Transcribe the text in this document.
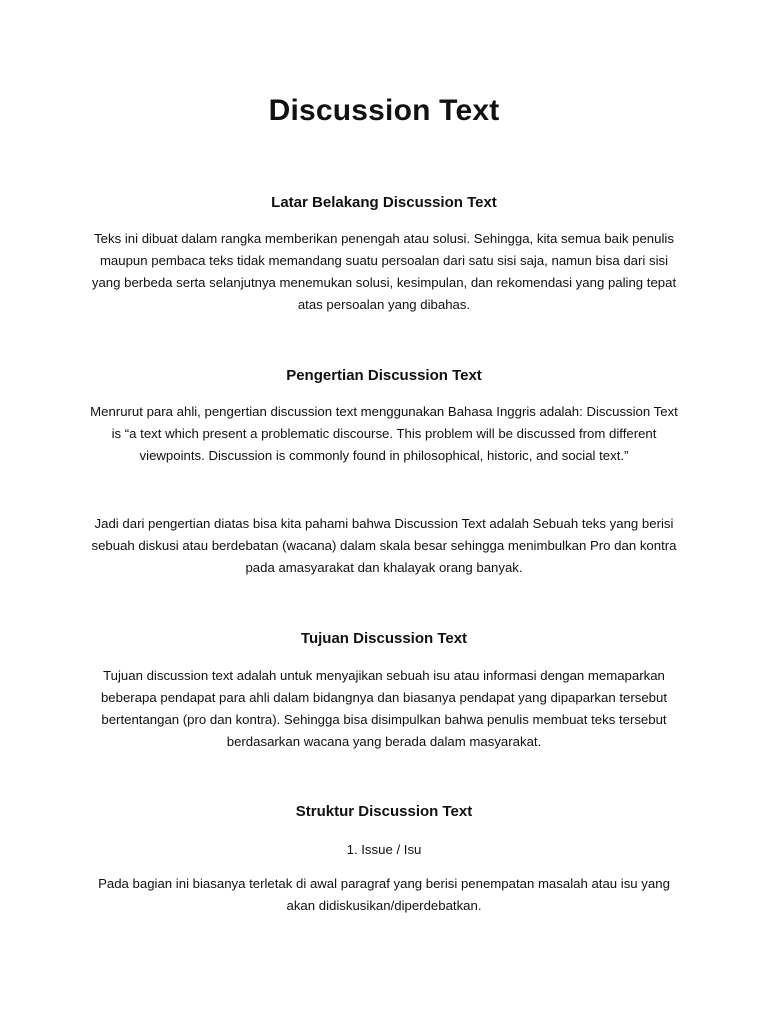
Discussion Text
Latar Belakang Discussion Text

Teks ini dibuat dalam rangka memberikan penengah atau solusi. Sehingga, kita semua baik penulis maupun pembaca teks tidak memandang suatu persoalan dari satu sisi saja, namun bisa dari sisi yang berbeda serta selanjutnya menemukan solusi, kesimpulan, dan rekomendasi yang paling tepat atas persoalan yang dibahas.

Pengertian Discussion Text

Menrurut para ahli, pengertian discussion text menggunakan Bahasa Inggris adalah: Discussion Text is “a text which present a problematic discourse. This problem will be discussed from different viewpoints. Discussion is commonly found in philosophical, historic, and social text.”

Jadi dari pengertian diatas bisa kita pahami bahwa Discussion Text adalah Sebuah teks yang berisi sebuah diskusi atau berdebatan (wacana) dalam skala besar sehingga menimbulkan Pro dan kontra pada amasyarakat dan khalayak orang banyak.

Tujuan Discussion Text

Tujuan discussion text adalah untuk menyajikan sebuah isu atau informasi dengan memaparkan beberapa pendapat para ahli dalam bidangnya dan biasanya pendapat yang dipaparkan tersebut bertentangan (pro dan kontra). Sehingga bisa disimpulkan bahwa penulis membuat teks tersebut berdasarkan wacana yang berada dalam masyarakat.

Struktur Discussion Text
1. Issue / Isu

Pada bagian ini biasanya terletak di awal paragraf yang berisi penempatan masalah atau isu yang akan didiskusikan/diperdebatkan.
